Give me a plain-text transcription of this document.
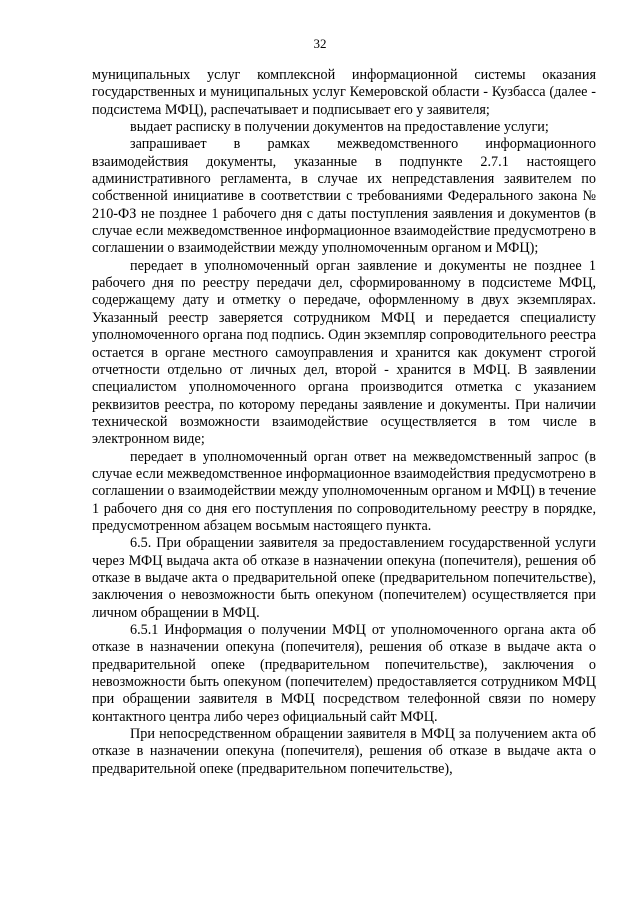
32

муниципальных услуг комплексной информационной системы оказания государственных и муниципальных услуг Кемеровской области - Кузбасса (далее - подсистема МФЦ), распечатывает и подписывает его у заявителя;

выдает расписку в получении документов на предоставление услуги;

запрашивает в рамках межведомственного информационного взаимодействия документы, указанные в подпункте 2.7.1 настоящего административного регламента, в случае их непредставления заявителем по собственной инициативе в соответствии с требованиями Федерального закона № 210-ФЗ не позднее 1 рабочего дня с даты поступления заявления и документов (в случае если межведомственное информационное взаимодействие предусмотрено в соглашении о взаимодействии между уполномоченным органом и МФЦ);

передает в уполномоченный орган заявление и документы не позднее 1 рабочего дня по реестру передачи дел, сформированному в подсистеме МФЦ, содержащему дату и отметку о передаче, оформленному в двух экземплярах. Указанный реестр заверяется сотрудником МФЦ и передается специалисту уполномоченного органа под подпись. Один экземпляр сопроводительного реестра остается в органе местного самоуправления и хранится как документ строгой отчетности отдельно от личных дел, второй - хранится в МФЦ. В заявлении специалистом уполномоченного органа производится отметка с указанием реквизитов реестра, по которому переданы заявление и документы. При наличии технической возможности взаимодействие осуществляется в том числе в электронном виде;

передает в уполномоченный орган ответ на межведомственный запрос (в случае если межведомственное информационное взаимодействия предусмотрено в соглашении о взаимодействии между уполномоченным органом и МФЦ) в течение 1 рабочего дня со дня его поступления по сопроводительному реестру в порядке, предусмотренном абзацем восьмым настоящего пункта.

6.5. При обращении заявителя за предоставлением государственной услуги через МФЦ выдача акта об отказе в назначении опекуна (попечителя), решения об отказе в выдаче акта о предварительной опеке (предварительном попечительстве), заключения о невозможности быть опекуном (попечителем) осуществляется при личном обращении в МФЦ.

6.5.1 Информация о получении МФЦ от уполномоченного органа акта об отказе в назначении опекуна (попечителя), решения об отказе в выдаче акта о предварительной опеке (предварительном попечительстве), заключения о невозможности быть опекуном (попечителем) предоставляется сотрудником МФЦ при обращении заявителя в МФЦ посредством телефонной связи по номеру контактного центра либо через официальный сайт МФЦ.

При непосредственном обращении заявителя в МФЦ за получением акта об отказе в назначении опекуна (попечителя), решения об отказе в выдаче акта о предварительной опеке (предварительном попечительстве),
